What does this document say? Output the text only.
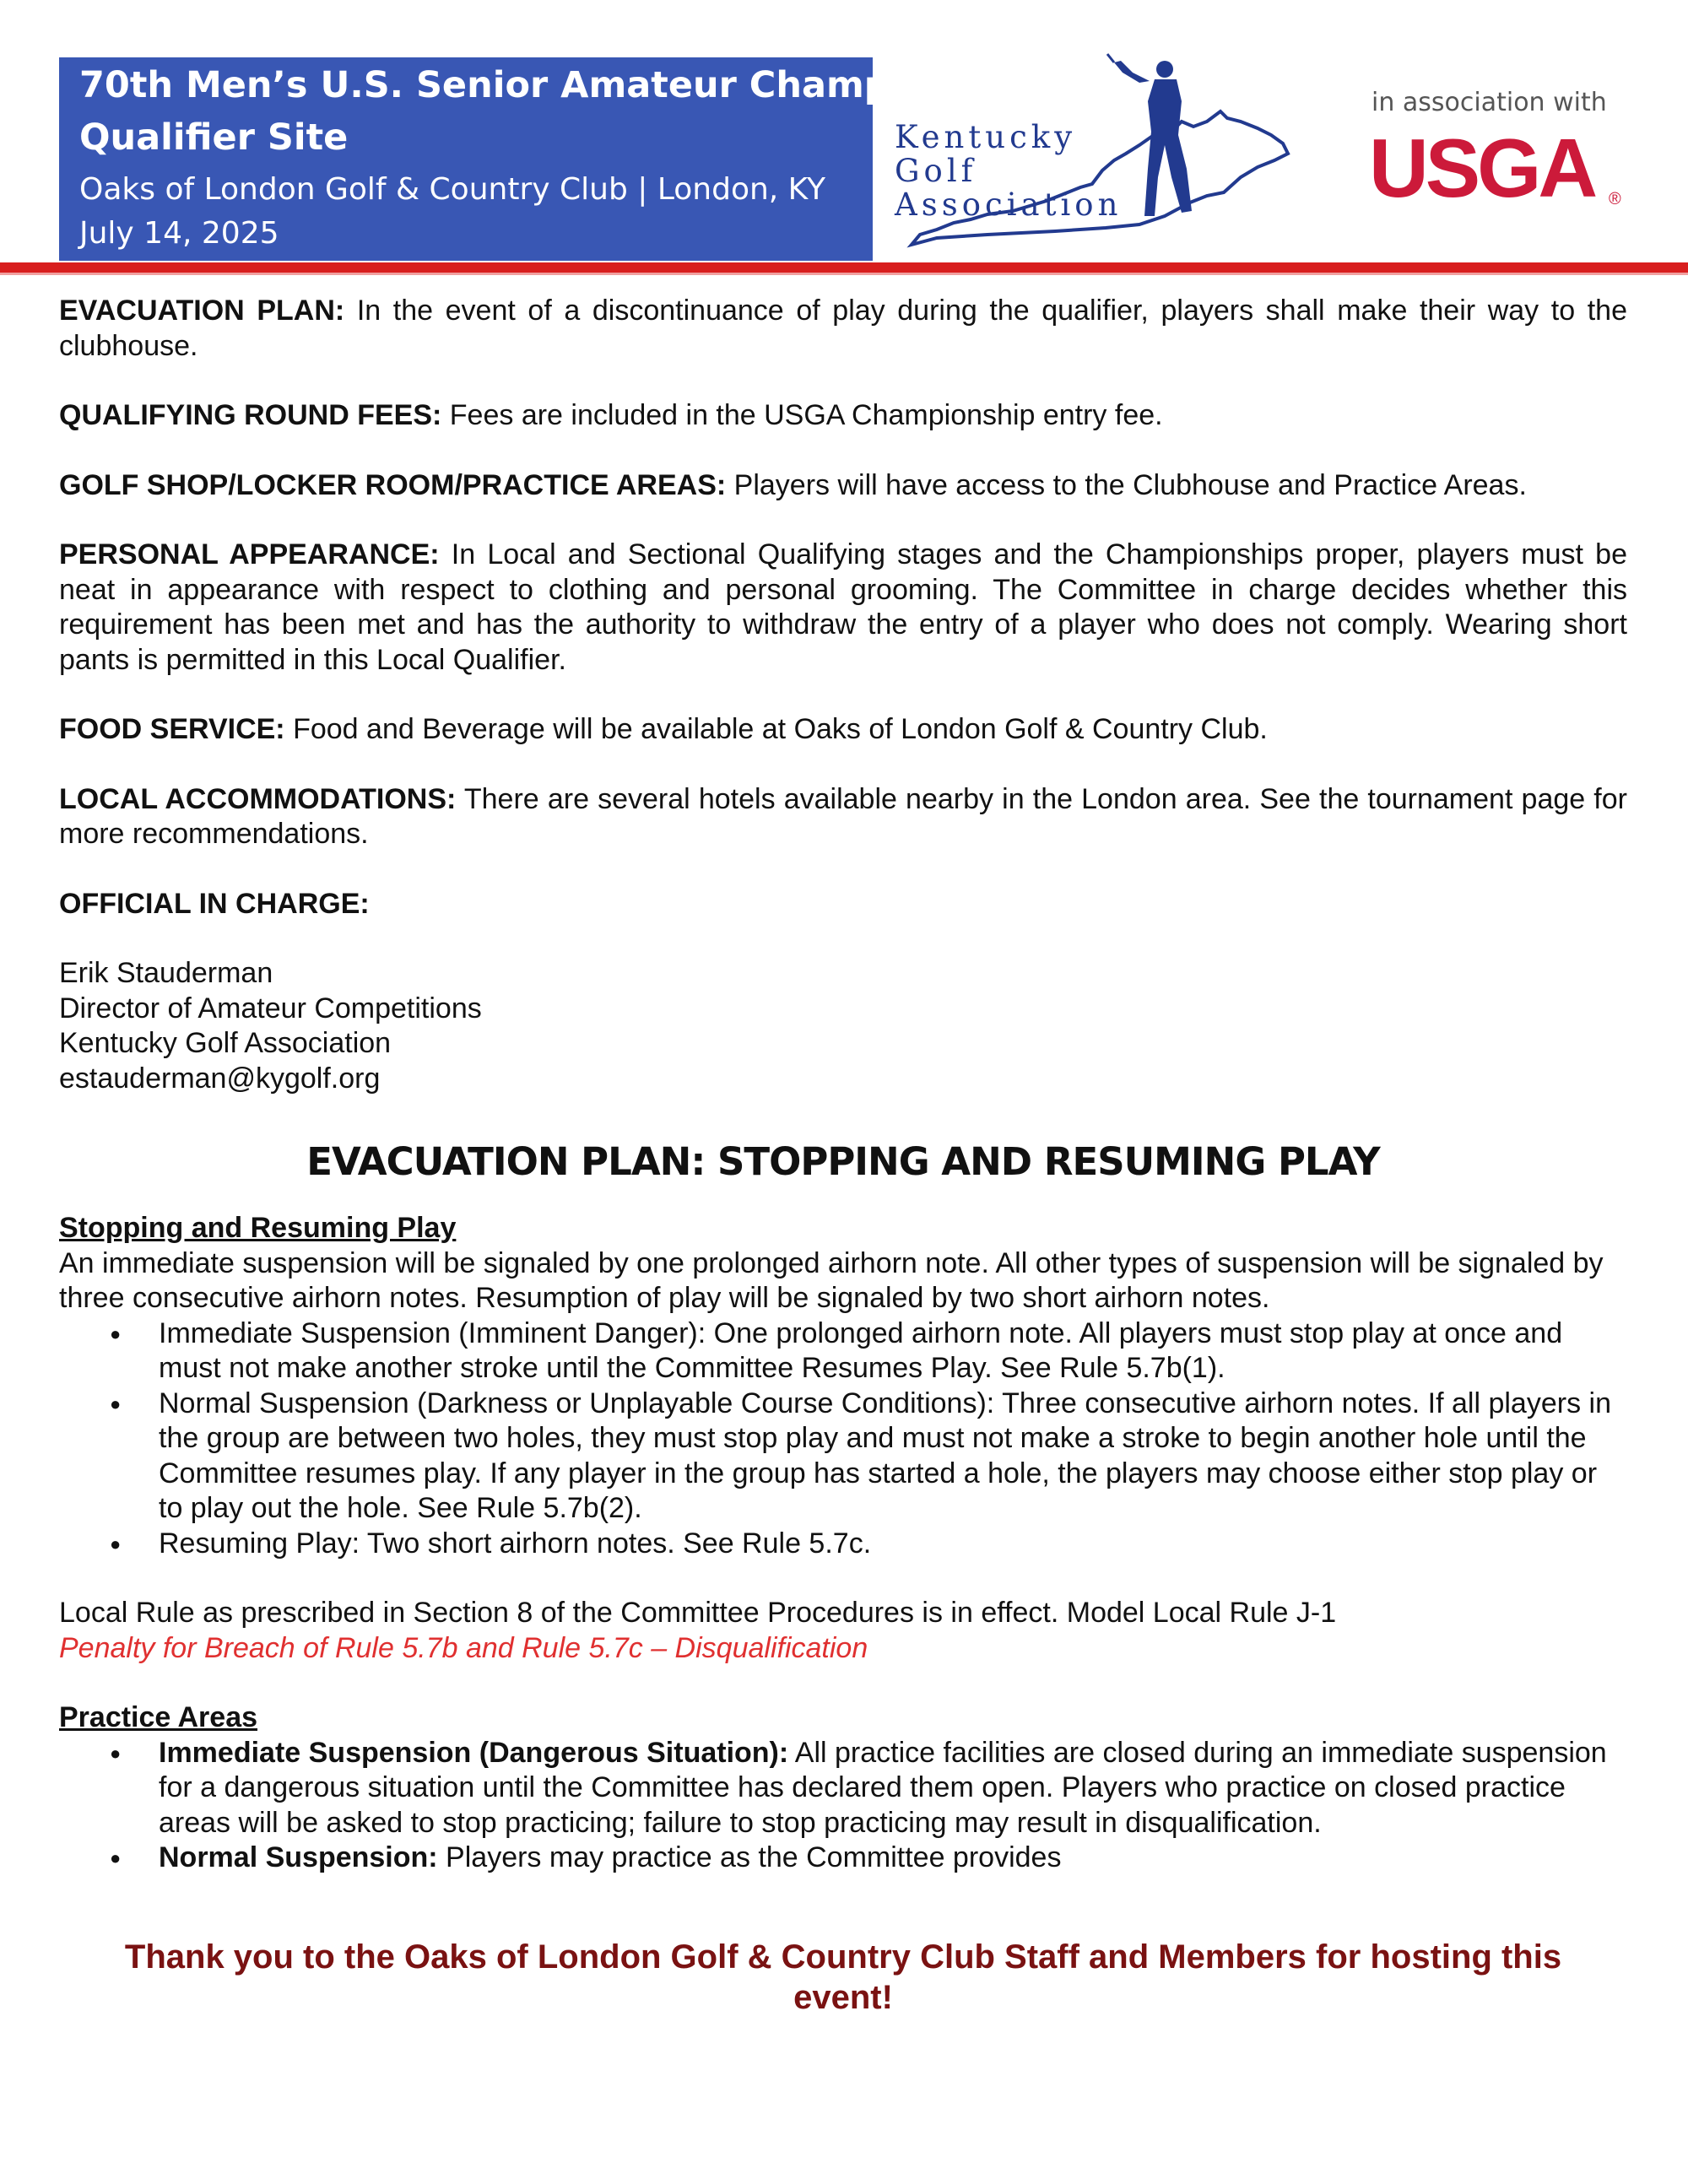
70th Men’s U.S. Senior Amateur Championship
Qualifier Site
Oaks of London Golf & Country Club | London, KY
July 14, 2025
Kentucky
Golf
Association
in association with
USGA ®

EVACUATION PLAN: In the event of a discontinuance of play during the qualifier, players shall make their way to the clubhouse.

QUALIFYING ROUND FEES: Fees are included in the USGA Championship entry fee.

GOLF SHOP/LOCKER ROOM/PRACTICE AREAS: Players will have access to the Clubhouse and Practice Areas.

PERSONAL APPEARANCE: In Local and Sectional Qualifying stages and the Championships proper, players must be neat in appearance with respect to clothing and personal grooming. The Committee in charge decides whether this requirement has been met and has the authority to withdraw the entry of a player who does not comply. Wearing short pants is permitted in this Local Qualifier.

FOOD SERVICE: Food and Beverage will be available at Oaks of London Golf & Country Club.

LOCAL ACCOMMODATIONS: There are several hotels available nearby in the London area. See the tournament page for more recommendations.

OFFICIAL IN CHARGE:

Erik Stauderman

Director of Amateur Competitions

Kentucky Golf Association

estauderman@kygolf.org

EVACUATION PLAN: STOPPING AND RESUMING PLAY

Stopping and Resuming Play

An immediate suspension will be signaled by one prolonged airhorn note. All other types of suspension will be signaled by three consecutive airhorn notes. Resumption of play will be signaled by two short airhorn notes.

● Immediate Suspension (Imminent Danger): One prolonged airhorn note. All players must stop play at once and must not make another stroke until the Committee Resumes Play. See Rule 5.7b(1).
● Normal Suspension (Darkness or Unplayable Course Conditions): Three consecutive airhorn notes. If all players in the group are between two holes, they must stop play and must not make a stroke to begin another hole until the Committee resumes play. If any player in the group has started a hole, the players may choose either stop play or to play out the hole. See Rule 5.7b(2).
● Resuming Play: Two short airhorn notes. See Rule 5.7c.

Local Rule as prescribed in Section 8 of the Committee Procedures is in effect. Model Local Rule J-1

Penalty for Breach of Rule 5.7b and Rule 5.7c – Disqualification

Practice Areas

● Immediate Suspension (Dangerous Situation): All practice facilities are closed during an immediate suspension for a dangerous situation until the Committee has declared them open. Players who practice on closed practice areas will be asked to stop practicing; failure to stop practicing may result in disqualification.
● Normal Suspension: Players may practice as the Committee provides
Thank you to the Oaks of London Golf & Country Club Staff and Members for hosting this event!
